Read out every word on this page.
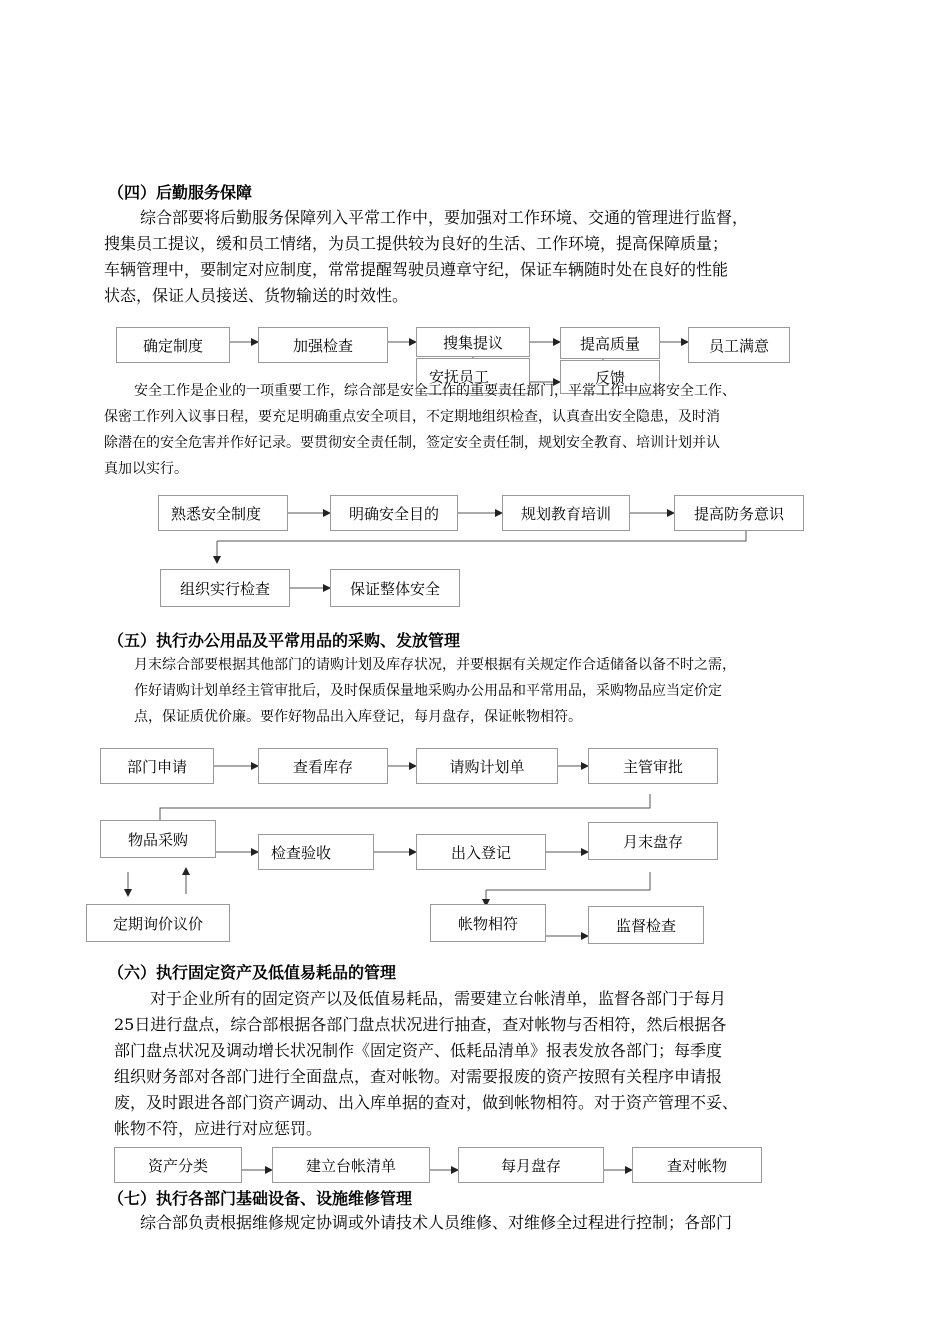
（四）后勤服务保障
综合部要将后勤服务保障列入平常工作中，要加强对工作环境、交通的管理进行监督，
搜集员工提议，缓和员工情绪，为员工提供较为良好的生活、工作环境，提高保障质量；
车辆管理中，要制定对应制度，常常提醒驾驶员遵章守纪，保证车辆随时处在良好的性能
状态，保证人员接送、货物输送的时效性。
确定制度	加强检查	搜集提议	提高质量	员工满意
安抚员工	反馈
安全工作是企业的一项重要工作，综合部是安全工作的重要责任部门，平常工作中应将安全工作、
保密工作列入议事日程，要充足明确重点安全项目，不定期地组织检查，认真查出安全隐患，及时消
除潜在的安全危害并作好记录。要贯彻安全责任制，签定安全责任制，规划安全教育、培训计划并认
真加以实行。
熟悉安全制度	明确安全目的	规划教育培训	提高防务意识
组织实行检查	保证整体安全
（五）执行办公用品及平常用品的采购、发放管理
月末综合部要根据其他部门的请购计划及库存状况，并要根据有关规定作合适储备以备不时之需，
作好请购计划单经主管审批后，及时保质保量地采购办公用品和平常用品，采购物品应当定价定
点，保证质优价廉。要作好物品出入库登记，每月盘存，保证帐物相符。
部门申请	查看库存	请购计划单	主管审批
物品采购
检查验收	出入登记
月末盘存
定期询价议价	帐物相符	监督检查
（六）执行固定资产及低值易耗品的管理
对于企业所有的固定资产以及低值易耗品，需要建立台帐清单，监督各部门于每月
25日进行盘点，综合部根据各部门盘点状况进行抽查，查对帐物与否相符，然后根据各
部门盘点状况及调动增长状况制作《固定资产、低耗品清单》报表发放各部门；每季度
组织财务部对各部门进行全面盘点，查对帐物。对需要报废的资产按照有关程序申请报
废，及时跟进各部门资产调动、出入库单据的查对，做到帐物相符。对于资产管理不妥、
帐物不符，应进行对应惩罚。
资产分类	建立台帐清单	每月盘存	查对帐物
（七）执行各部门基础设备、设施维修管理
综合部负责根据维修规定协调或外请技术人员维修、对维修全过程进行控制；各部门
